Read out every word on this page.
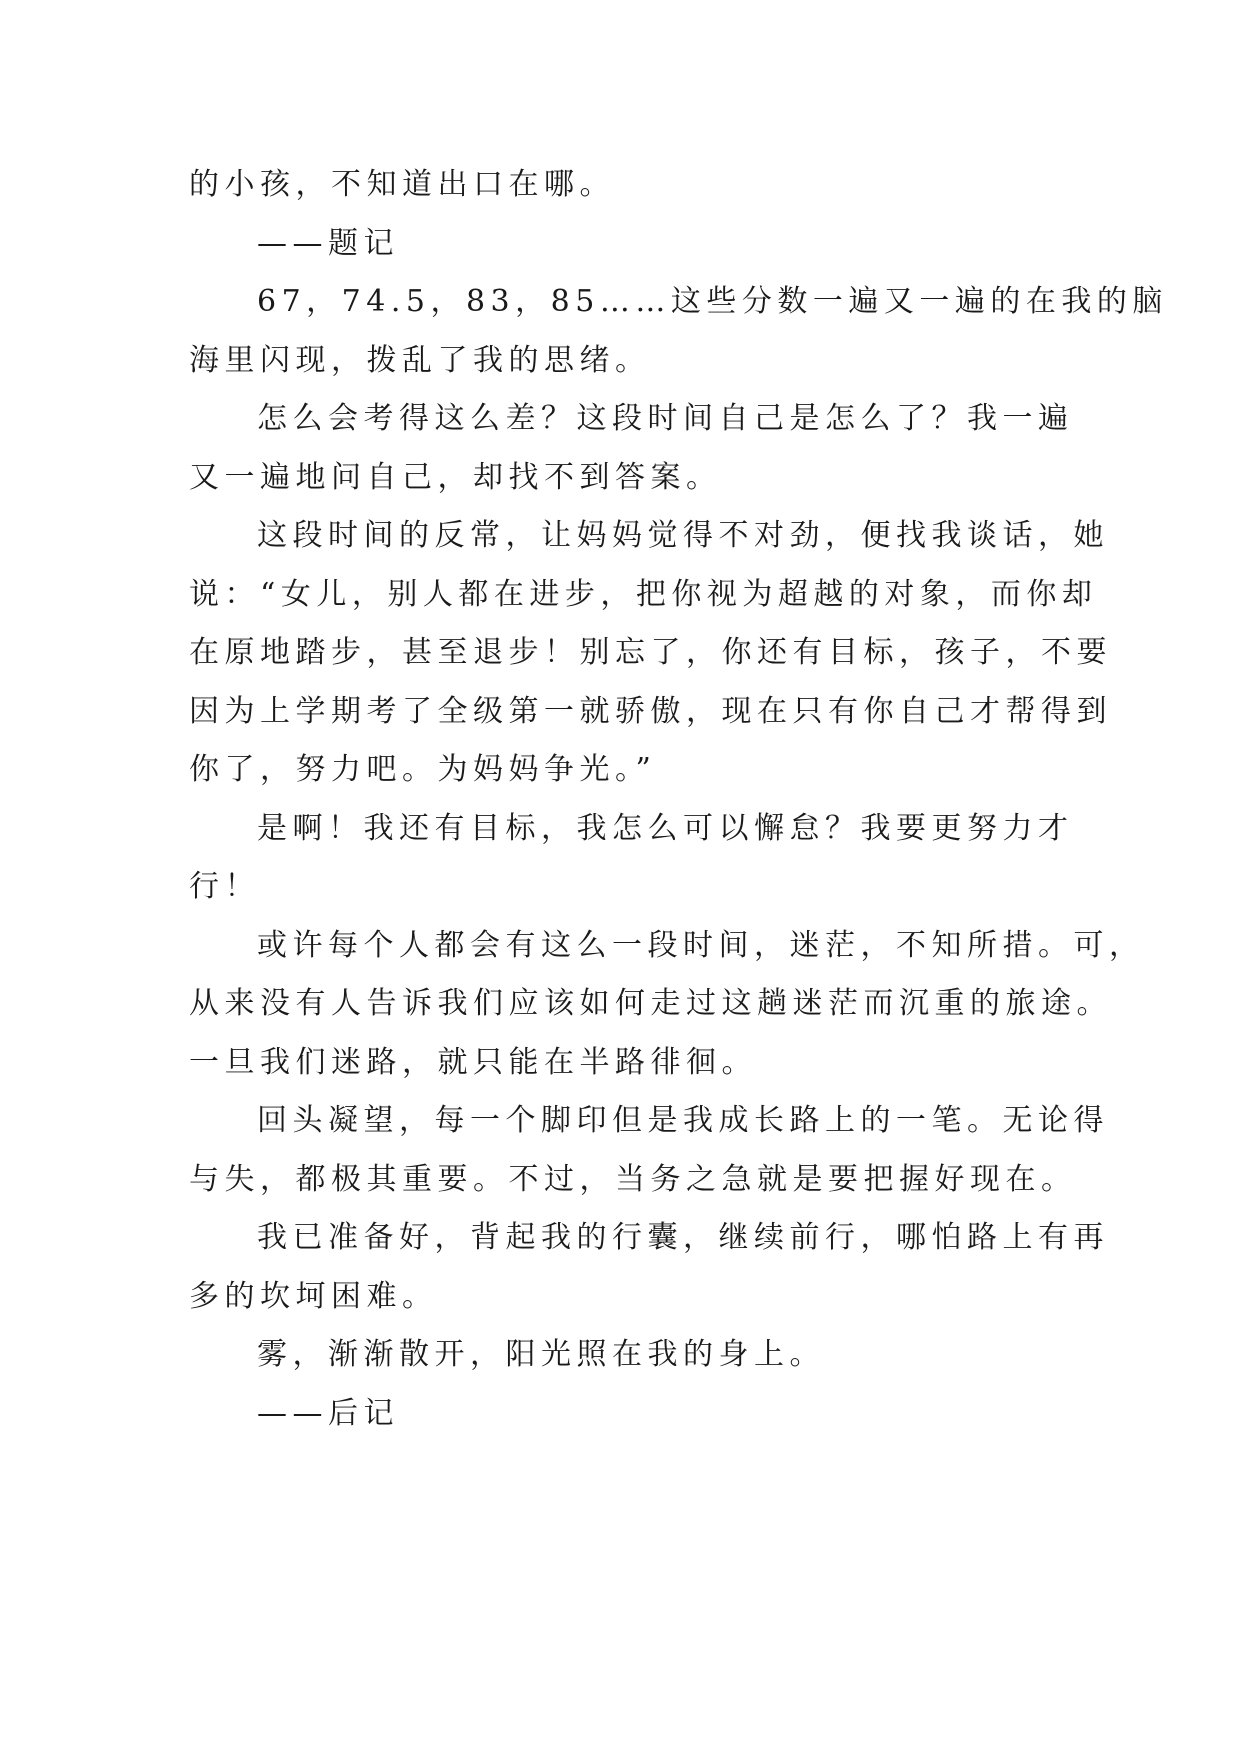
的小孩，不知道出口在哪。
——题记
67，74.5，83，85……这些分数一遍又一遍的在我的脑
海里闪现，拨乱了我的思绪。
怎么会考得这么差？这段时间自己是怎么了？我一遍
又一遍地问自己，却找不到答案。
这段时间的反常，让妈妈觉得不对劲，便找我谈话，她
说：“女儿，别人都在进步，把你视为超越的对象，而你却
在原地踏步，甚至退步！别忘了，你还有目标，孩子，不要
因为上学期考了全级第一就骄傲，现在只有你自己才帮得到
你了，努力吧。为妈妈争光。”
是啊！我还有目标，我怎么可以懈怠？我要更努力才
行！
或许每个人都会有这么一段时间，迷茫，不知所措。可，
从来没有人告诉我们应该如何走过这趟迷茫而沉重的旅途。
一旦我们迷路，就只能在半路徘徊。
回头凝望，每一个脚印但是我成长路上的一笔。无论得
与失，都极其重要。不过，当务之急就是要把握好现在。
我已准备好，背起我的行囊，继续前行，哪怕路上有再
多的坎坷困难。
雾，渐渐散开，阳光照在我的身上。
——后记
